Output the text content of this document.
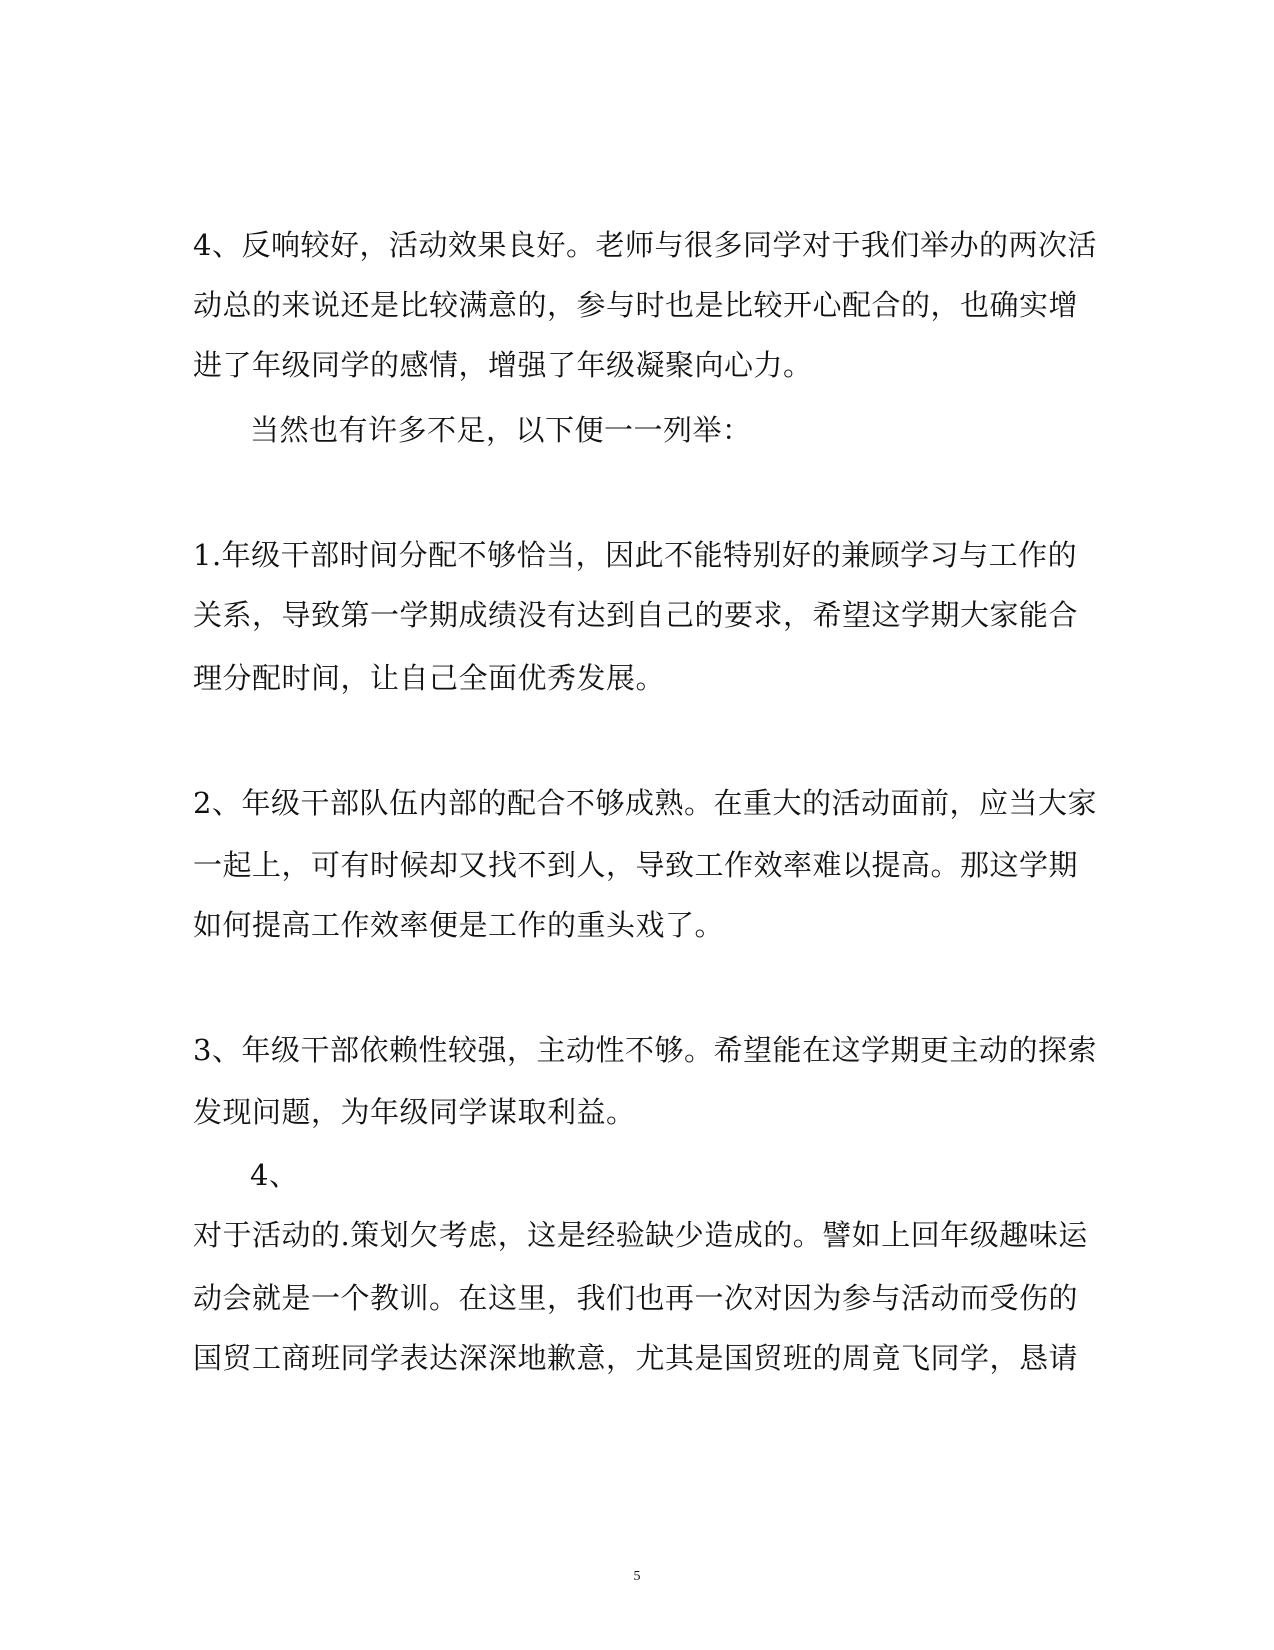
4、反响较好，活动效果良好。老师与很多同学对于我们举办的两次活
动总的来说还是比较满意的，参与时也是比较开心配合的，也确实增
进了年级同学的感情，增强了年级凝聚向心力。
当然也有许多不足，以下便一一列举：
1.年级干部时间分配不够恰当，因此不能特别好的兼顾学习与工作的
关系，导致第一学期成绩没有达到自己的要求，希望这学期大家能合
理分配时间，让自己全面优秀发展。
2、年级干部队伍内部的配合不够成熟。在重大的活动面前，应当大家
一起上，可有时候却又找不到人，导致工作效率难以提高。那这学期
如何提高工作效率便是工作的重头戏了。
3、年级干部依赖性较强，主动性不够。希望能在这学期更主动的探索
发现问题，为年级同学谋取利益。
4、
对于活动的.策划欠考虑，这是经验缺少造成的。譬如上回年级趣味运
动会就是一个教训。在这里，我们也再一次对因为参与活动而受伤的
国贸工商班同学表达深深地歉意，尤其是国贸班的周竟飞同学，恳请
5
